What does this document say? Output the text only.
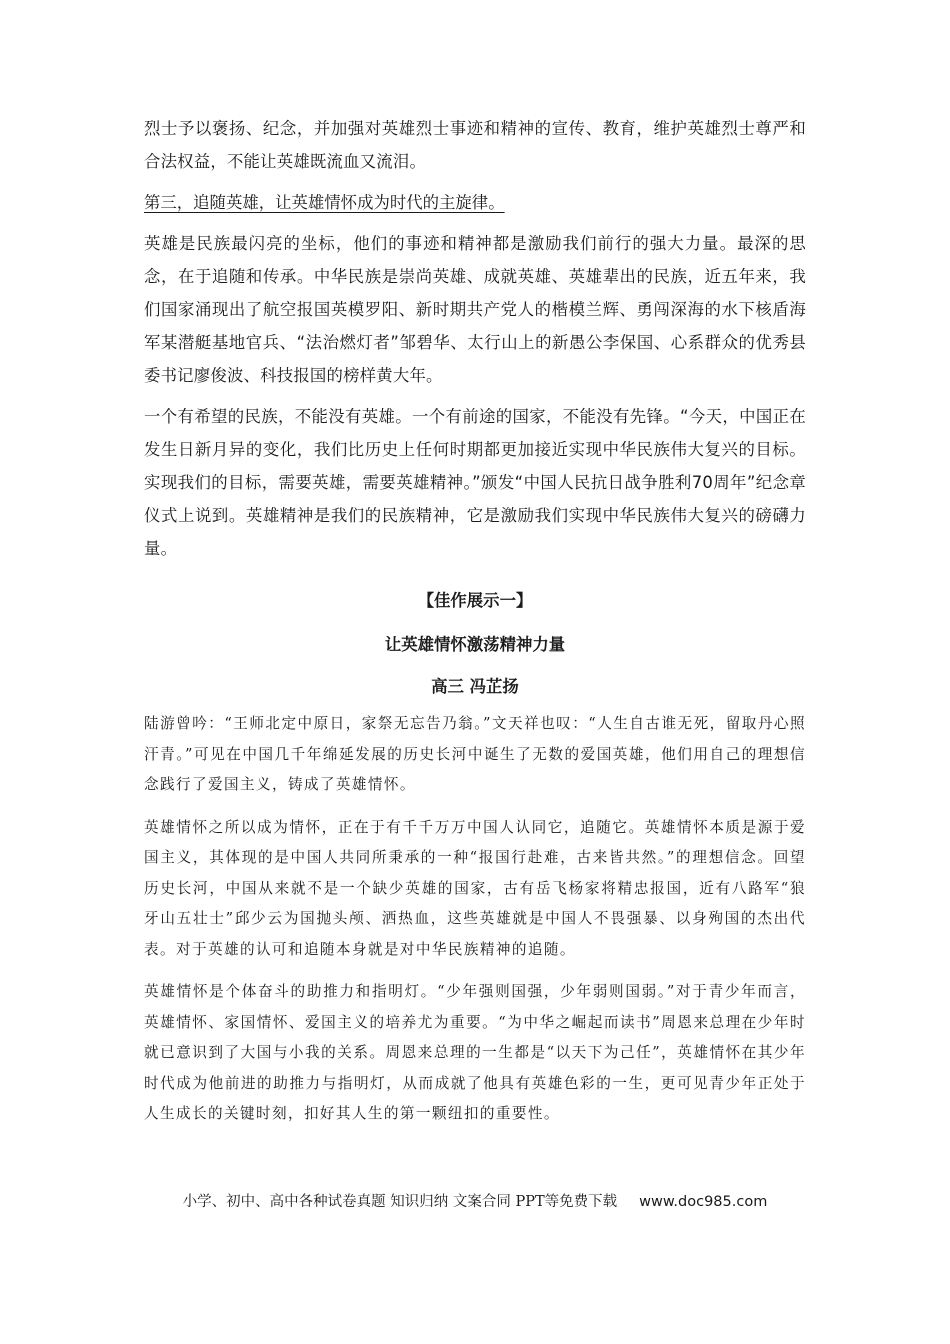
烈士予以褒扬、纪念，并加强对英雄烈士事迹和精神的宣传、教育，维护英雄烈士尊严和合法权益，不能让英雄既流血又流泪。

第三，追随英雄，让英雄情怀成为时代的主旋律。

英雄是民族最闪亮的坐标，他们的事迹和精神都是激励我们前行的强大力量。最深的思念，在于追随和传承。中华民族是崇尚英雄、成就英雄、英雄辈出的民族，近五年来，我们国家涌现出了航空报国英模罗阳、新时期共产党人的楷模兰辉、勇闯深海的水下核盾海军某潜艇基地官兵、“法治燃灯者”邹碧华、太行山上的新愚公李保国、心系群众的优秀县委书记廖俊波、科技报国的榜样黄大年。

一个有希望的民族，不能没有英雄。一个有前途的国家，不能没有先锋。“今天，中国正在发生日新月异的变化，我们比历史上任何时期都更加接近实现中华民族伟大复兴的目标。实现我们的目标，需要英雄，需要英雄精神。”颁发“中国人民抗日战争胜利70周年”纪念章仪式上说到。英雄精神是我们的民族精神，它是激励我们实现中华民族伟大复兴的磅礴力量。

【佳作展示一】

让英雄情怀激荡精神力量

高三 冯芷扬

陆游曾吟：“王师北定中原日，家祭无忘告乃翁。”文天祥也叹：“人生自古谁无死，留取丹心照汗青。”可见在中国几千年绵延发展的历史长河中诞生了无数的爱国英雄，他们用自己的理想信念践行了爱国主义，铸成了英雄情怀。

英雄情怀之所以成为情怀，正在于有千千万万中国人认同它，追随它。英雄情怀本质是源于爱国主义，其体现的是中国人共同所秉承的一种“报国行赴难，古来皆共然。”的理想信念。回望历史长河，中国从来就不是一个缺少英雄的国家，古有岳飞杨家将精忠报国，近有八路军“狼牙山五壮士”邱少云为国抛头颅、洒热血，这些英雄就是中国人不畏强暴、以身殉国的杰出代表。对于英雄的认可和追随本身就是对中华民族精神的追随。

英雄情怀是个体奋斗的助推力和指明灯。“少年强则国强，少年弱则国弱。”对于青少年而言，英雄情怀、家国情怀、爱国主义的培养尤为重要。“为中华之崛起而读书”周恩来总理在少年时就已意识到了大国与小我的关系。周恩来总理的一生都是“以天下为己任”，英雄情怀在其少年时代成为他前进的助推力与指明灯，从而成就了他具有英雄色彩的一生，更可见青少年正处于人生成长的关键时刻，扣好其人生的第一颗纽扣的重要性。

小学、初中、高中各种试卷真题 知识归纳 文案合同 PPT等免费下载 www.doc985.com
